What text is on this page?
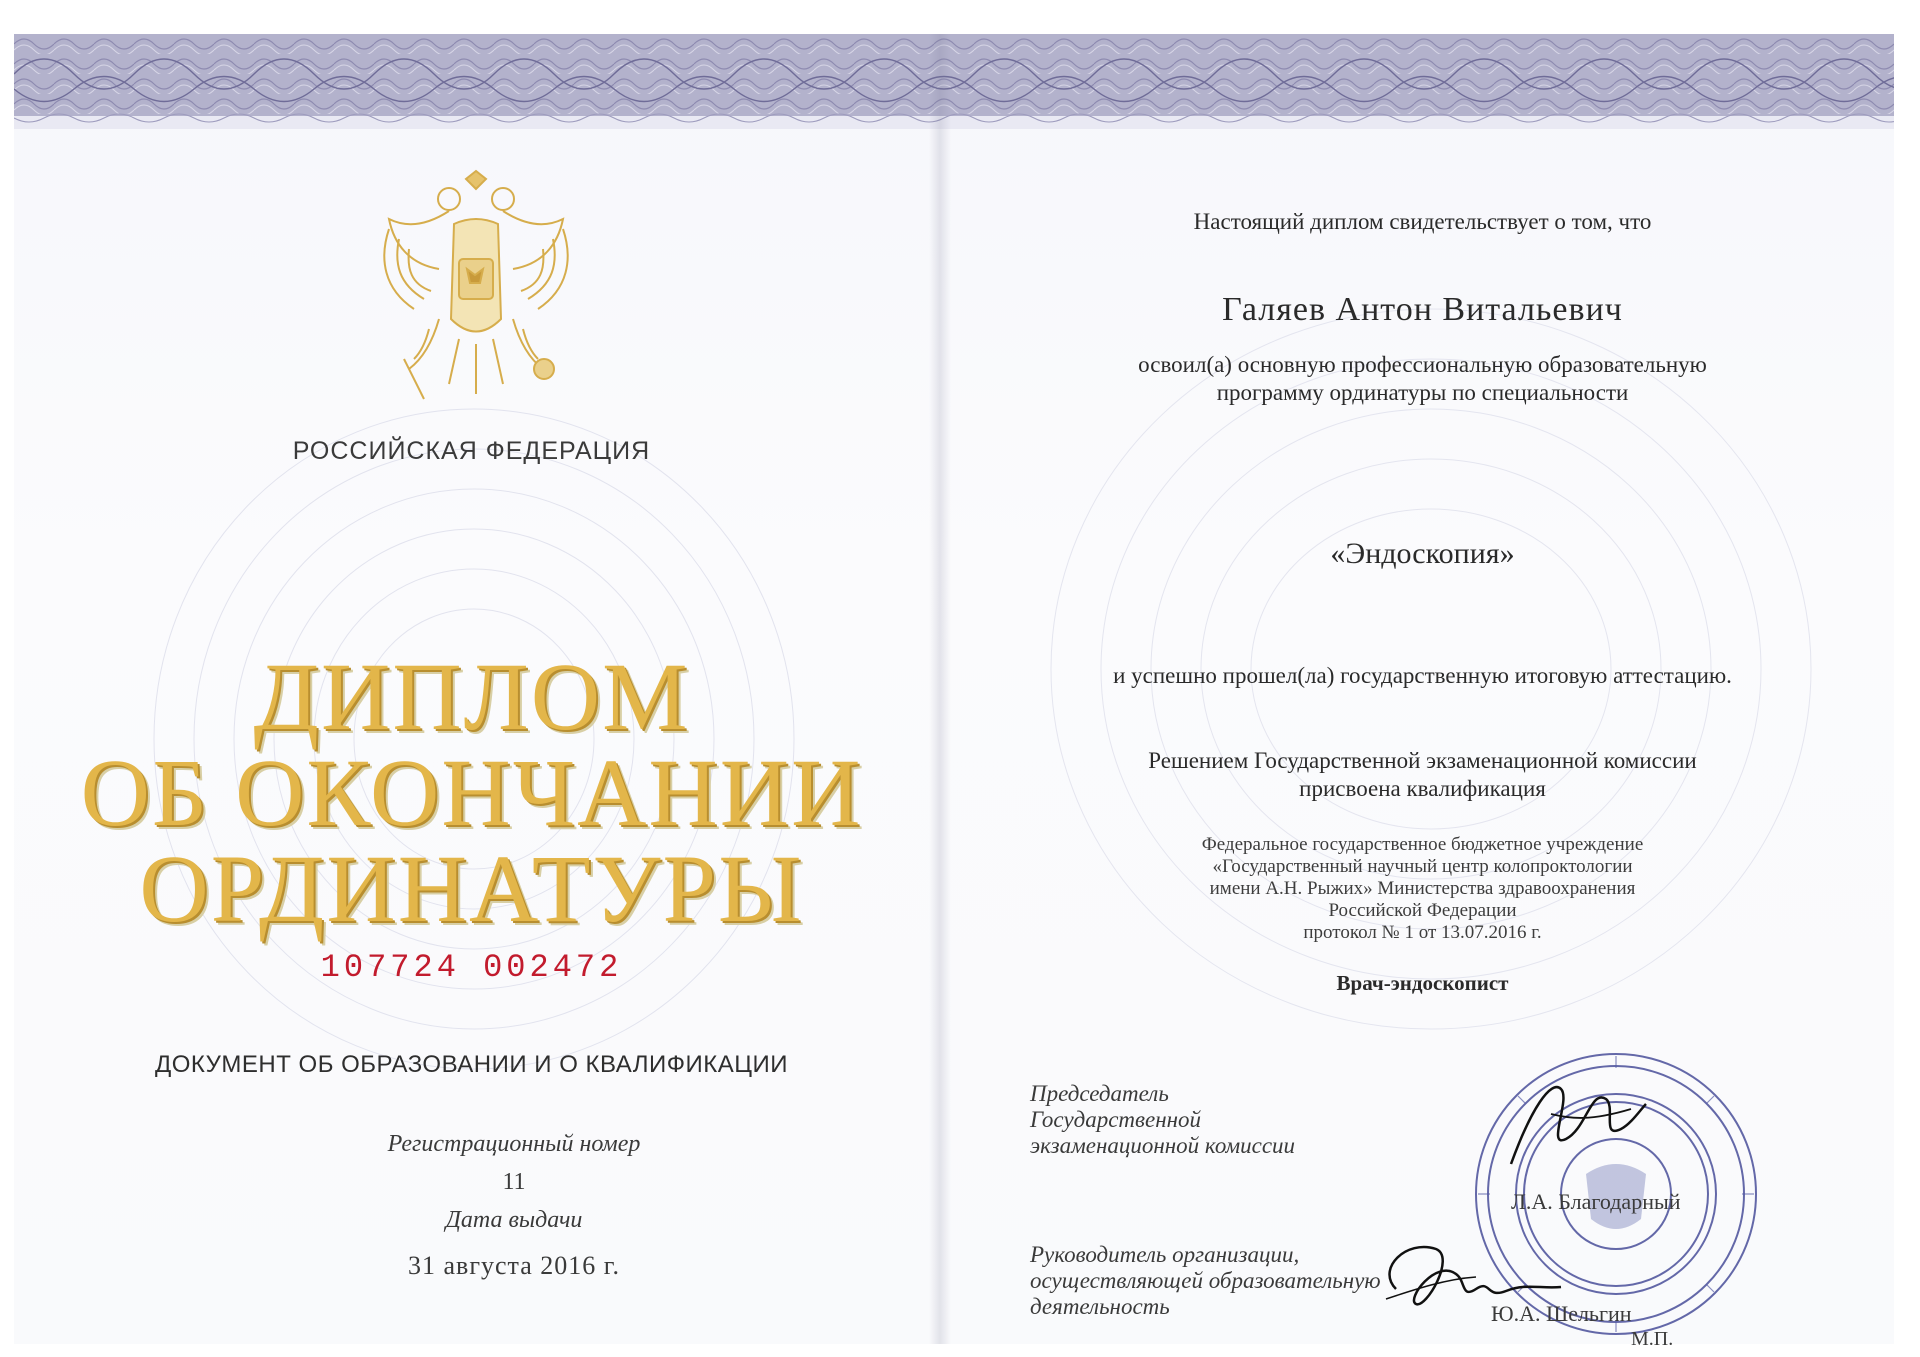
РОССИЙСКАЯ ФЕДЕРАЦИЯ
ДИПЛОМ
ОБ ОКОНЧАНИИ
ОРДИНАТУРЫ
107724 002472
ДОКУМЕНТ ОБ ОБРАЗОВАНИИ И О КВАЛИФИКАЦИИ
Регистрационный номер
11
Дата выдачи
31 августа 2016 г.
Настоящий диплом свидетельствует о том, что
Галяев Антон Витальевич
освоил(а) основную профессиональную образовательную
программу ординатуры по специальности
«Эндоскопия»
и успешно прошел(ла) государственную итоговую аттестацию.
Решением Государственной экзаменационной комиссии
присвоена квалификация
Федеральное государственное бюджетное учреждение
«Государственный научный центр колопроктологии
имени А.Н. Рыжих» Министерства здравоохранения
Российской Федерации
протокол № 1 от 13.07.2016 г.
Врач-эндоскопист
Председатель
Государственной
экзаменационной комиссии
Л.А. Благодарный
Руководитель организации,
осуществляющей образовательную
деятельность	Ю.А. Шельгин
М.П.
